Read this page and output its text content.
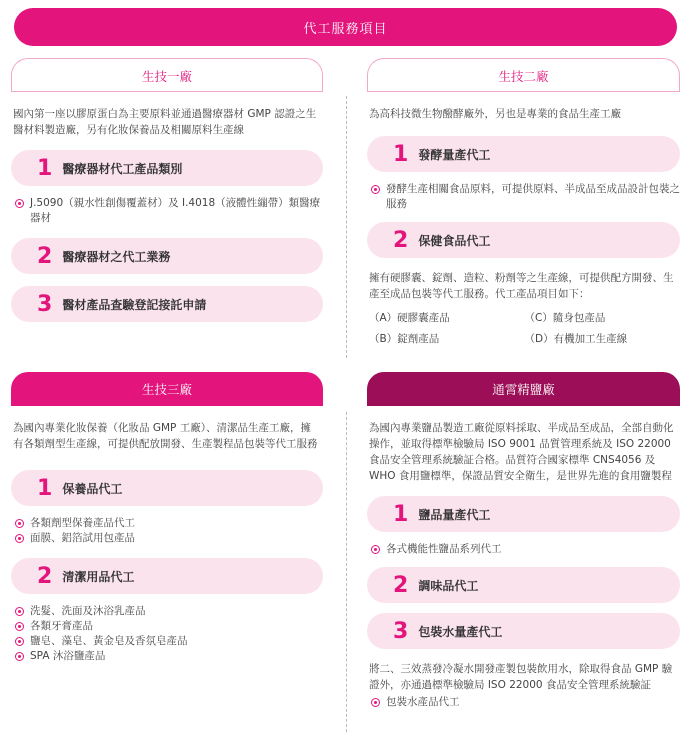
代工服務項目
生技一廠
國內第一座以膠原蛋白為主要原料並通過醫療器材 GMP 認證之生醫材料製造廠，另有化妝保養品及相關原料生產線
1 醫療器材代工產品類別
J.5090（親水性創傷覆蓋材）及 I.4018（液體性繃帶）類醫療器材
2 醫療器材之代工業務
3 醫材產品查驗登記接託申請
生技二廠
為高科技微生物醱酵廠外，另也是專業的食品生產工廠
1 發酵量產代工
發酵生產相關食品原料，可提供原料、半成品至成品設計包裝之服務
2 保健食品代工
擁有硬膠囊、錠劑、造粒、粉劑等之生產線，可提供配方開發、生產至成品包裝等代工服務。代工產品項目如下：
（A）硬膠囊產品	（C）隨身包產品
（B）錠劑產品	（D）有機加工生產線
生技三廠
為國內專業化妝保養（化妝品 GMP 工廠）、清潔品生產工廠，擁有各類劑型生產線，可提供配放開發、生產製程品包裝等代工服務
1 保養品代工
各類劑型保養產品代工
面膜、鋁箔試用包產品
2 清潔用品代工
洗髮、洗面及沐浴乳產品
各類牙膏產品
鹽皂、藻皂、黃金皂及香氛皂產品
SPA 沐浴鹽產品
通霄精鹽廠
為國內專業鹽品製造工廠從原料採取、半成品至成品，全部自動化操作，並取得標準檢驗局 ISO 9001 品質管理系統及 ISO 22000 食品安全管理系統驗証合格。品質符合國家標準 CNS4056 及 WHO 食用鹽標準，保證品質安全衛生，是世界先進的食用鹽製程
1 鹽品量產代工
各式機能性鹽品系列代工
2 調味品代工
3 包裝水量產代工
將二、三效蒸發冷凝水開發產製包裝飲用水，除取得食品 GMP 驗證外，亦通過標準檢驗局 ISO 22000 食品安全管理系統驗証
包裝水產品代工
